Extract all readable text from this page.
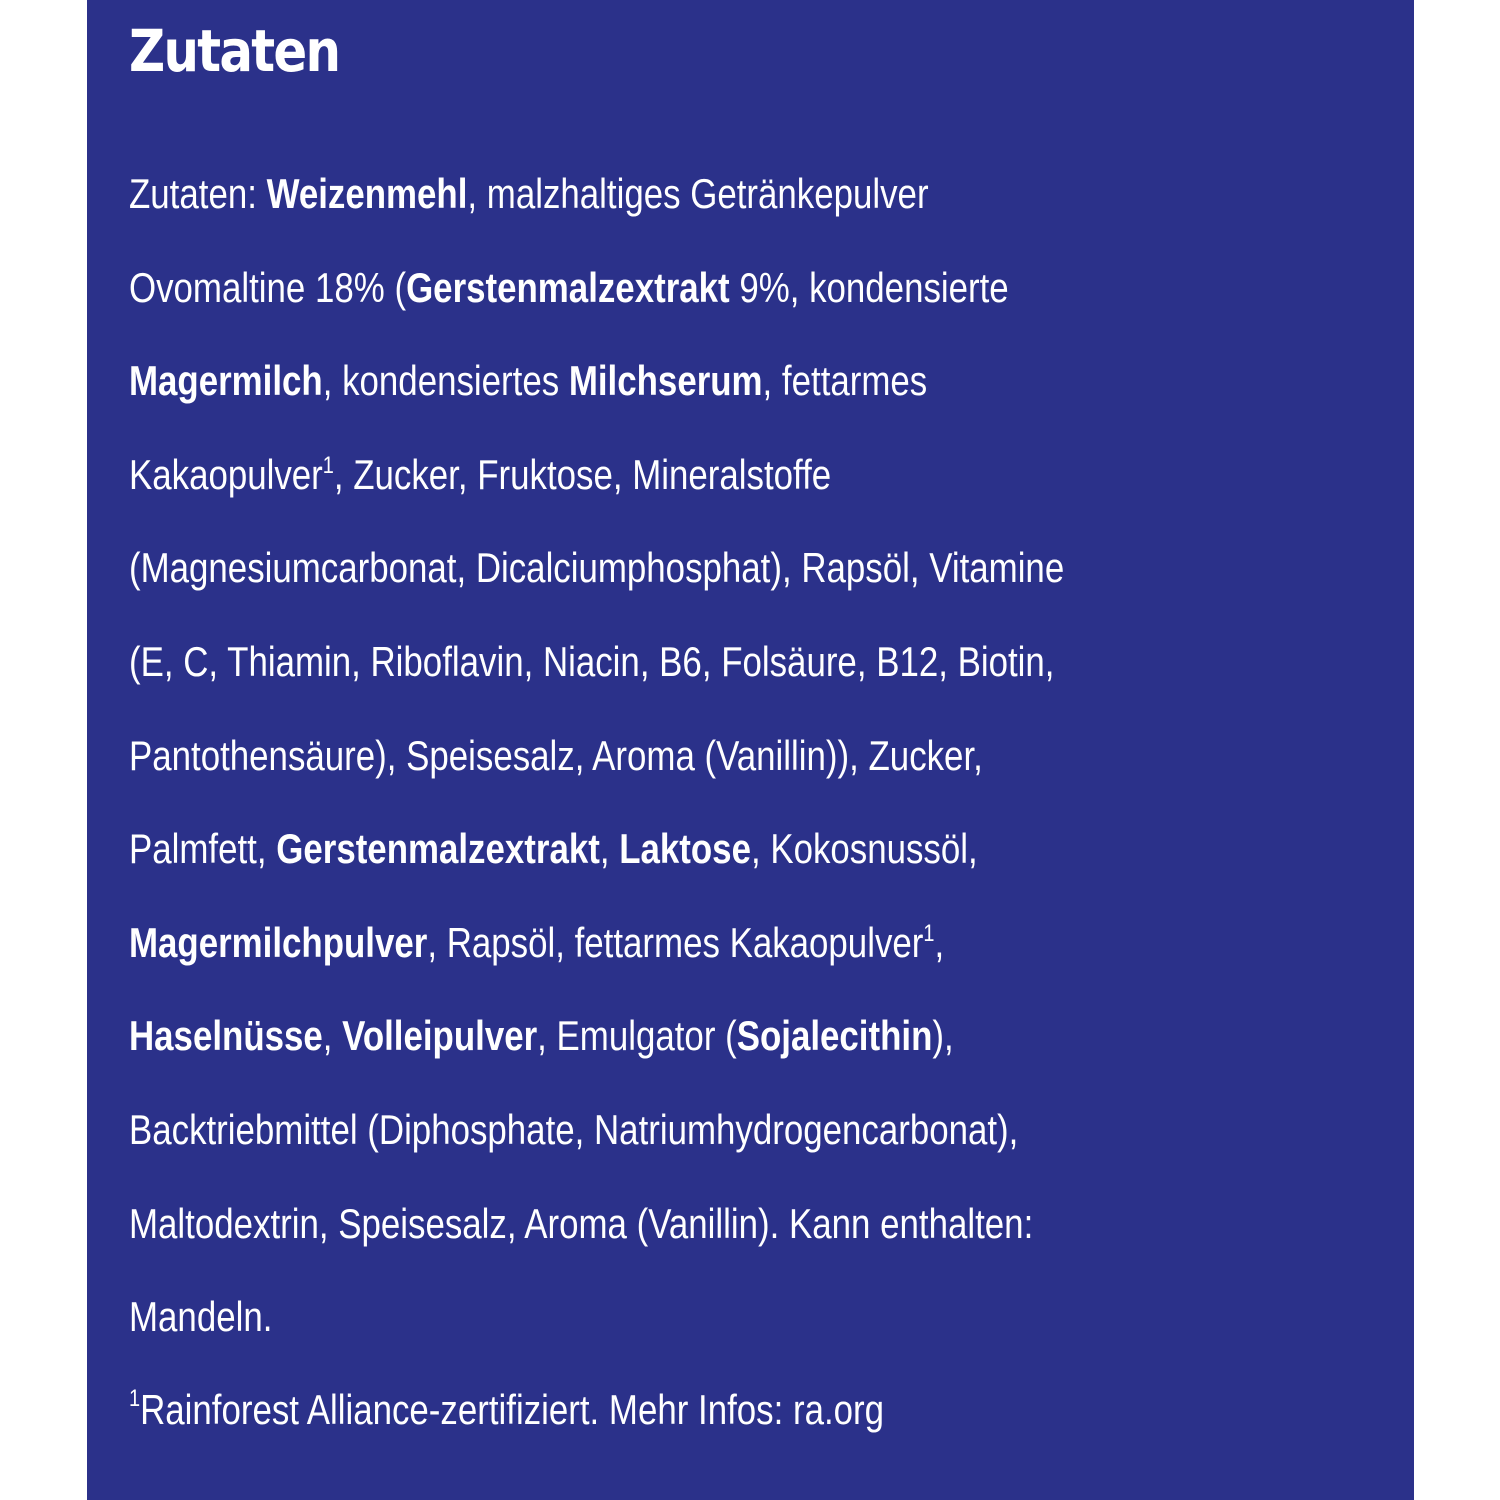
Zutaten
Zutaten: Weizenmehl, malzhaltiges Getränkepulver
Ovomaltine 18% (Gerstenmalzextrakt 9%, kondensierte
Magermilch, kondensiertes Milchserum, fettarmes
Kakaopulver$^1$, Zucker, Fruktose, Mineralstoffe
(Magnesiumcarbonat, Dicalciumphosphat), Rapsöl, Vitamine
(E, C, Thiamin, Riboflavin, Niacin, B6, Folsäure, B12, Biotin,
Pantothensäure), Speisesalz, Aroma (Vanillin)), Zucker,
Palmfett, Gerstenmalzextrakt, Laktose, Kokosnussöl,
Magermilchpulver, Rapsöl, fettarmes Kakaopulver$^1$,
Haselnüsse, Volleipulver, Emulgator (Sojalecithin),
Backtriebmittel (Diphosphate, Natriumhydrogencarbonat),
Maltodextrin, Speisesalz, Aroma (Vanillin). Kann enthalten:
Mandeln.
$^1$Rainforest Alliance-zertifiziert. Mehr Infos: ra.org
